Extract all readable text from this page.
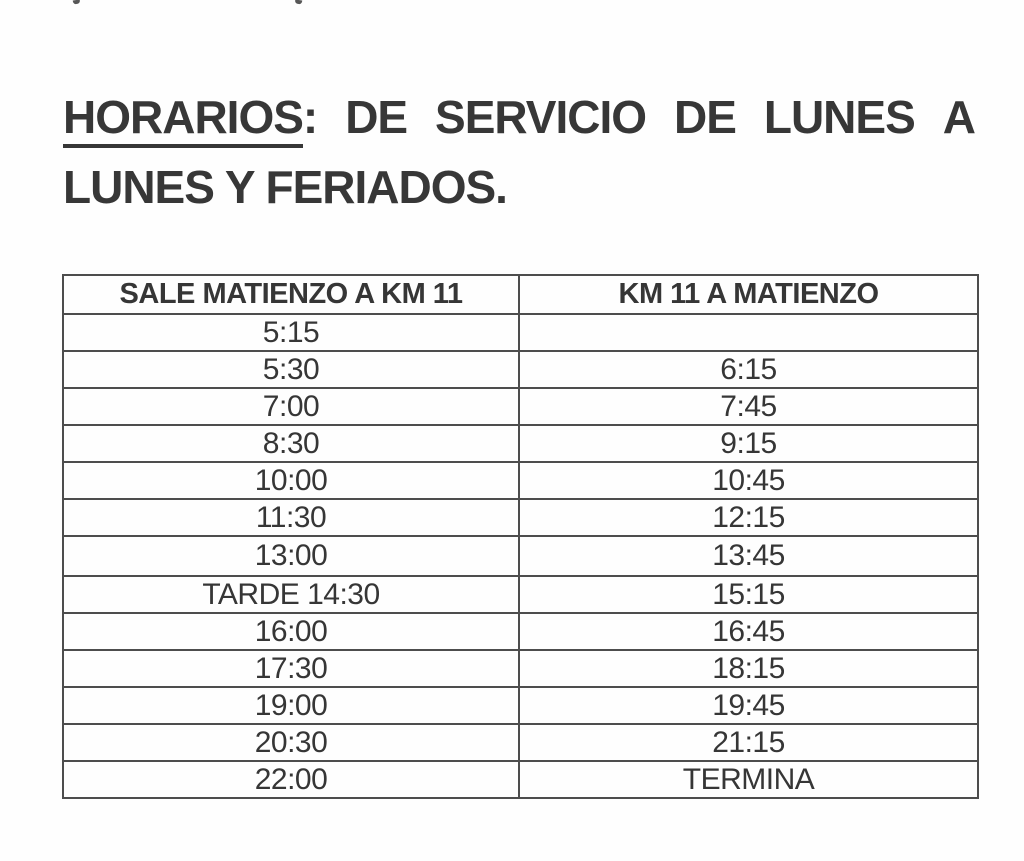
HORARIOS: DE SERVICIO DE LUNES A
LUNES Y FERIADOS.
SALE MATIENZO A KM 11	KM 11 A MATIENZO
5:15	
5:30	6:15
7:00	7:45
8:30	9:15
10:00	10:45
11:30	12:15
13:00	13:45
TARDE 14:30	15:15
16:00	16:45
17:30	18:15
19:00	19:45
20:30	21:15
22:00	TERMINA
